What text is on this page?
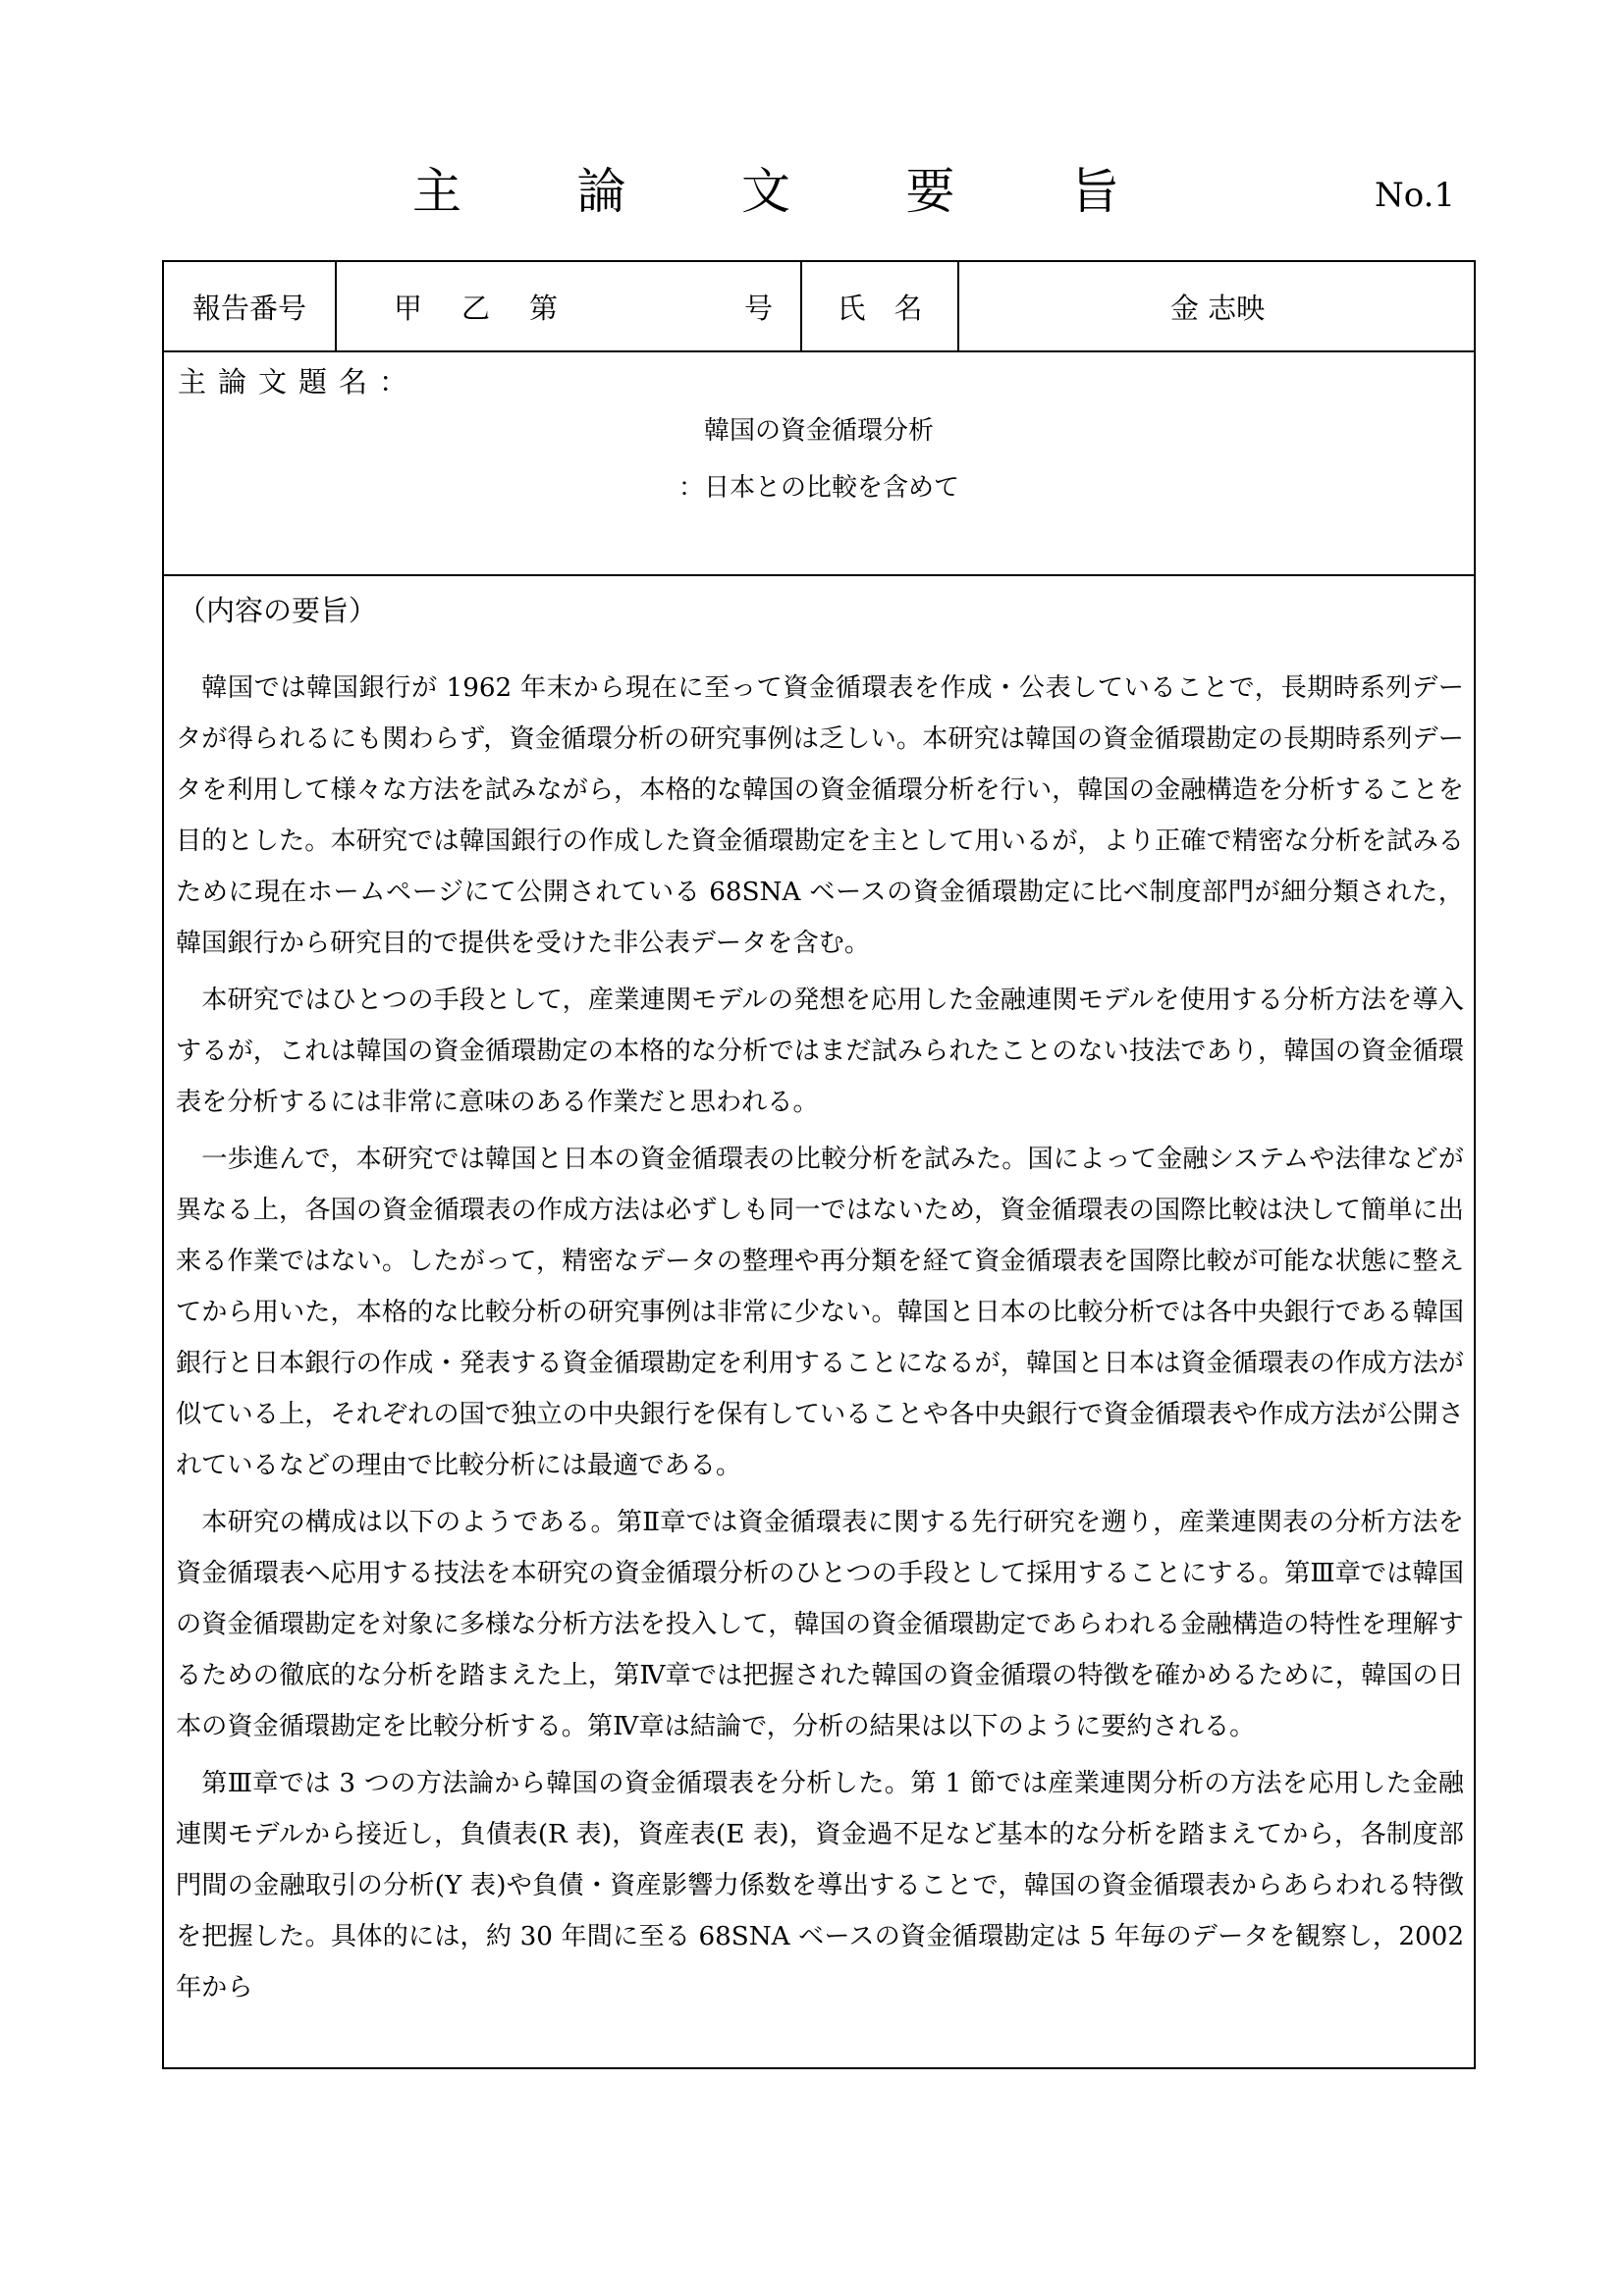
主 論 文 要 旨	No.1
報告番号	甲 乙 第	号	氏　名	金 志映
主論文題名：
韓国の資金循環分析
：日本との比較を含めて
（内容の要旨）

韓国では韓国銀行が 1962 年末から現在に至って資金循環表を作成・公表していることで，長期時系列データが得られるにも関わらず，資金循環分析の研究事例は乏しい。本研究は韓国の資金循環勘定の長期時系列データを利用して様々な方法を試みながら，本格的な韓国の資金循環分析を行い，韓国の金融構造を分析することを目的とした。本研究では韓国銀行の作成した資金循環勘定を主として用いるが，より正確で精密な分析を試みるために現在ホームページにて公開されている 68SNA ベースの資金循環勘定に比べ制度部門が細分類された，韓国銀行から研究目的で提供を受けた非公表データを含む。

本研究ではひとつの手段として，産業連関モデルの発想を応用した金融連関モデルを使用する分析方法を導入するが，これは韓国の資金循環勘定の本格的な分析ではまだ試みられたことのない技法であり，韓国の資金循環表を分析するには非常に意味のある作業だと思われる。

一歩進んで，本研究では韓国と日本の資金循環表の比較分析を試みた。国によって金融システムや法律などが異なる上，各国の資金循環表の作成方法は必ずしも同一ではないため，資金循環表の国際比較は決して簡単に出来る作業ではない。したがって，精密なデータの整理や再分類を経て資金循環表を国際比較が可能な状態に整えてから用いた，本格的な比較分析の研究事例は非常に少ない。韓国と日本の比較分析では各中央銀行である韓国銀行と日本銀行の作成・発表する資金循環勘定を利用することになるが，韓国と日本は資金循環表の作成方法が似ている上，それぞれの国で独立の中央銀行を保有していることや各中央銀行で資金循環表や作成方法が公開されているなどの理由で比較分析には最適である。

本研究の構成は以下のようである。第Ⅱ章では資金循環表に関する先行研究を遡り，産業連関表の分析方法を資金循環表へ応用する技法を本研究の資金循環分析のひとつの手段として採用することにする。第Ⅲ章では韓国の資金循環勘定を対象に多様な分析方法を投入して，韓国の資金循環勘定であらわれる金融構造の特性を理解するための徹底的な分析を踏まえた上，第Ⅳ章では把握された韓国の資金循環の特徴を確かめるために，韓国の日本の資金循環勘定を比較分析する。第Ⅳ章は結論で，分析の結果は以下のように要約される。

第Ⅲ章では 3 つの方法論から韓国の資金循環表を分析した。第 1 節では産業連関分析の方法を応用した金融連関モデルから接近し，負債表(R 表)，資産表(E 表)，資金過不足など基本的な分析を踏まえてから，各制度部門間の金融取引の分析(Y 表)や負債・資産影響力係数を導出することで，韓国の資金循環表からあらわれる特徴を把握した。具体的には，約 30 年間に至る 68SNA ベースの資金循環勘定は 5 年毎のデータを観察し，2002 年から
